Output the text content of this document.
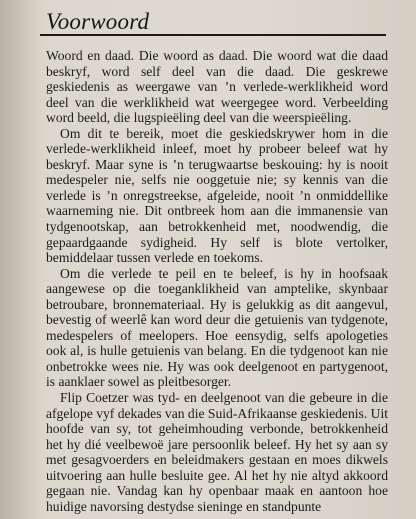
Voorwoord

Woord en daad. Die woord as daad. Die woord wat die daad beskryf, word self deel van die daad. Die geskrewe geskiedenis as weergawe van ’n verlede-werklikheid word deel van die werklikheid wat weergegee word. Verbeelding word beeld, die lugspieëling deel van die weerspieëling.

Om dit te bereik, moet die geskiedskrywer hom in die verlede-werklikheid inleef, moet hy probeer beleef wat hy beskryf. Maar syne is ’n terugwaartse beskouing: hy is nooit medespeler nie, selfs nie ooggetuie nie; sy kennis van die verlede is ’n onregstreekse, afgeleide, nooit ’n onmiddellike waarneming nie. Dit ontbreek hom aan die immanensie van tydgenootskap, aan betrokkenheid met, noodwendig, die gepaardgaande sydigheid. Hy self is blote vertolker, bemiddelaar tussen verlede en toekoms.

Om die verlede te peil en te beleef, is hy in hoofsaak aangewese op die toeganklikheid van amptelike, skynbaar betroubare, bronnemateriaal. Hy is gelukkig as dit aangevul, bevestig of weerlê kan word deur die getuienis van tydgenote, medespelers of meelopers. Hoe eensydig, selfs apologeties ook al, is hulle getuienis van belang. En die tydgenoot kan nie onbetrokke wees nie. Hy was ook deelgenoot en partygenoot, is aanklaer sowel as pleitbesorger.

Flip Coetzer was tyd- en deelgenoot van die gebeure in die afgelope vyf dekades van die Suid-Afrikaanse geskiedenis. Uit hoofde van sy, tot geheimhouding verbonde, betrokkenheid het hy dié veelbewoë jare persoonlik beleef. Hy het sy aan sy met gesagvoerders en beleidmakers gestaan en moes dikwels uitvoering aan hulle besluite gee. Al het hy nie altyd akkoord gegaan nie. Vandag kan hy openbaar maak en aantoon hoe huidige navorsing destydse sieninge en standpunte
